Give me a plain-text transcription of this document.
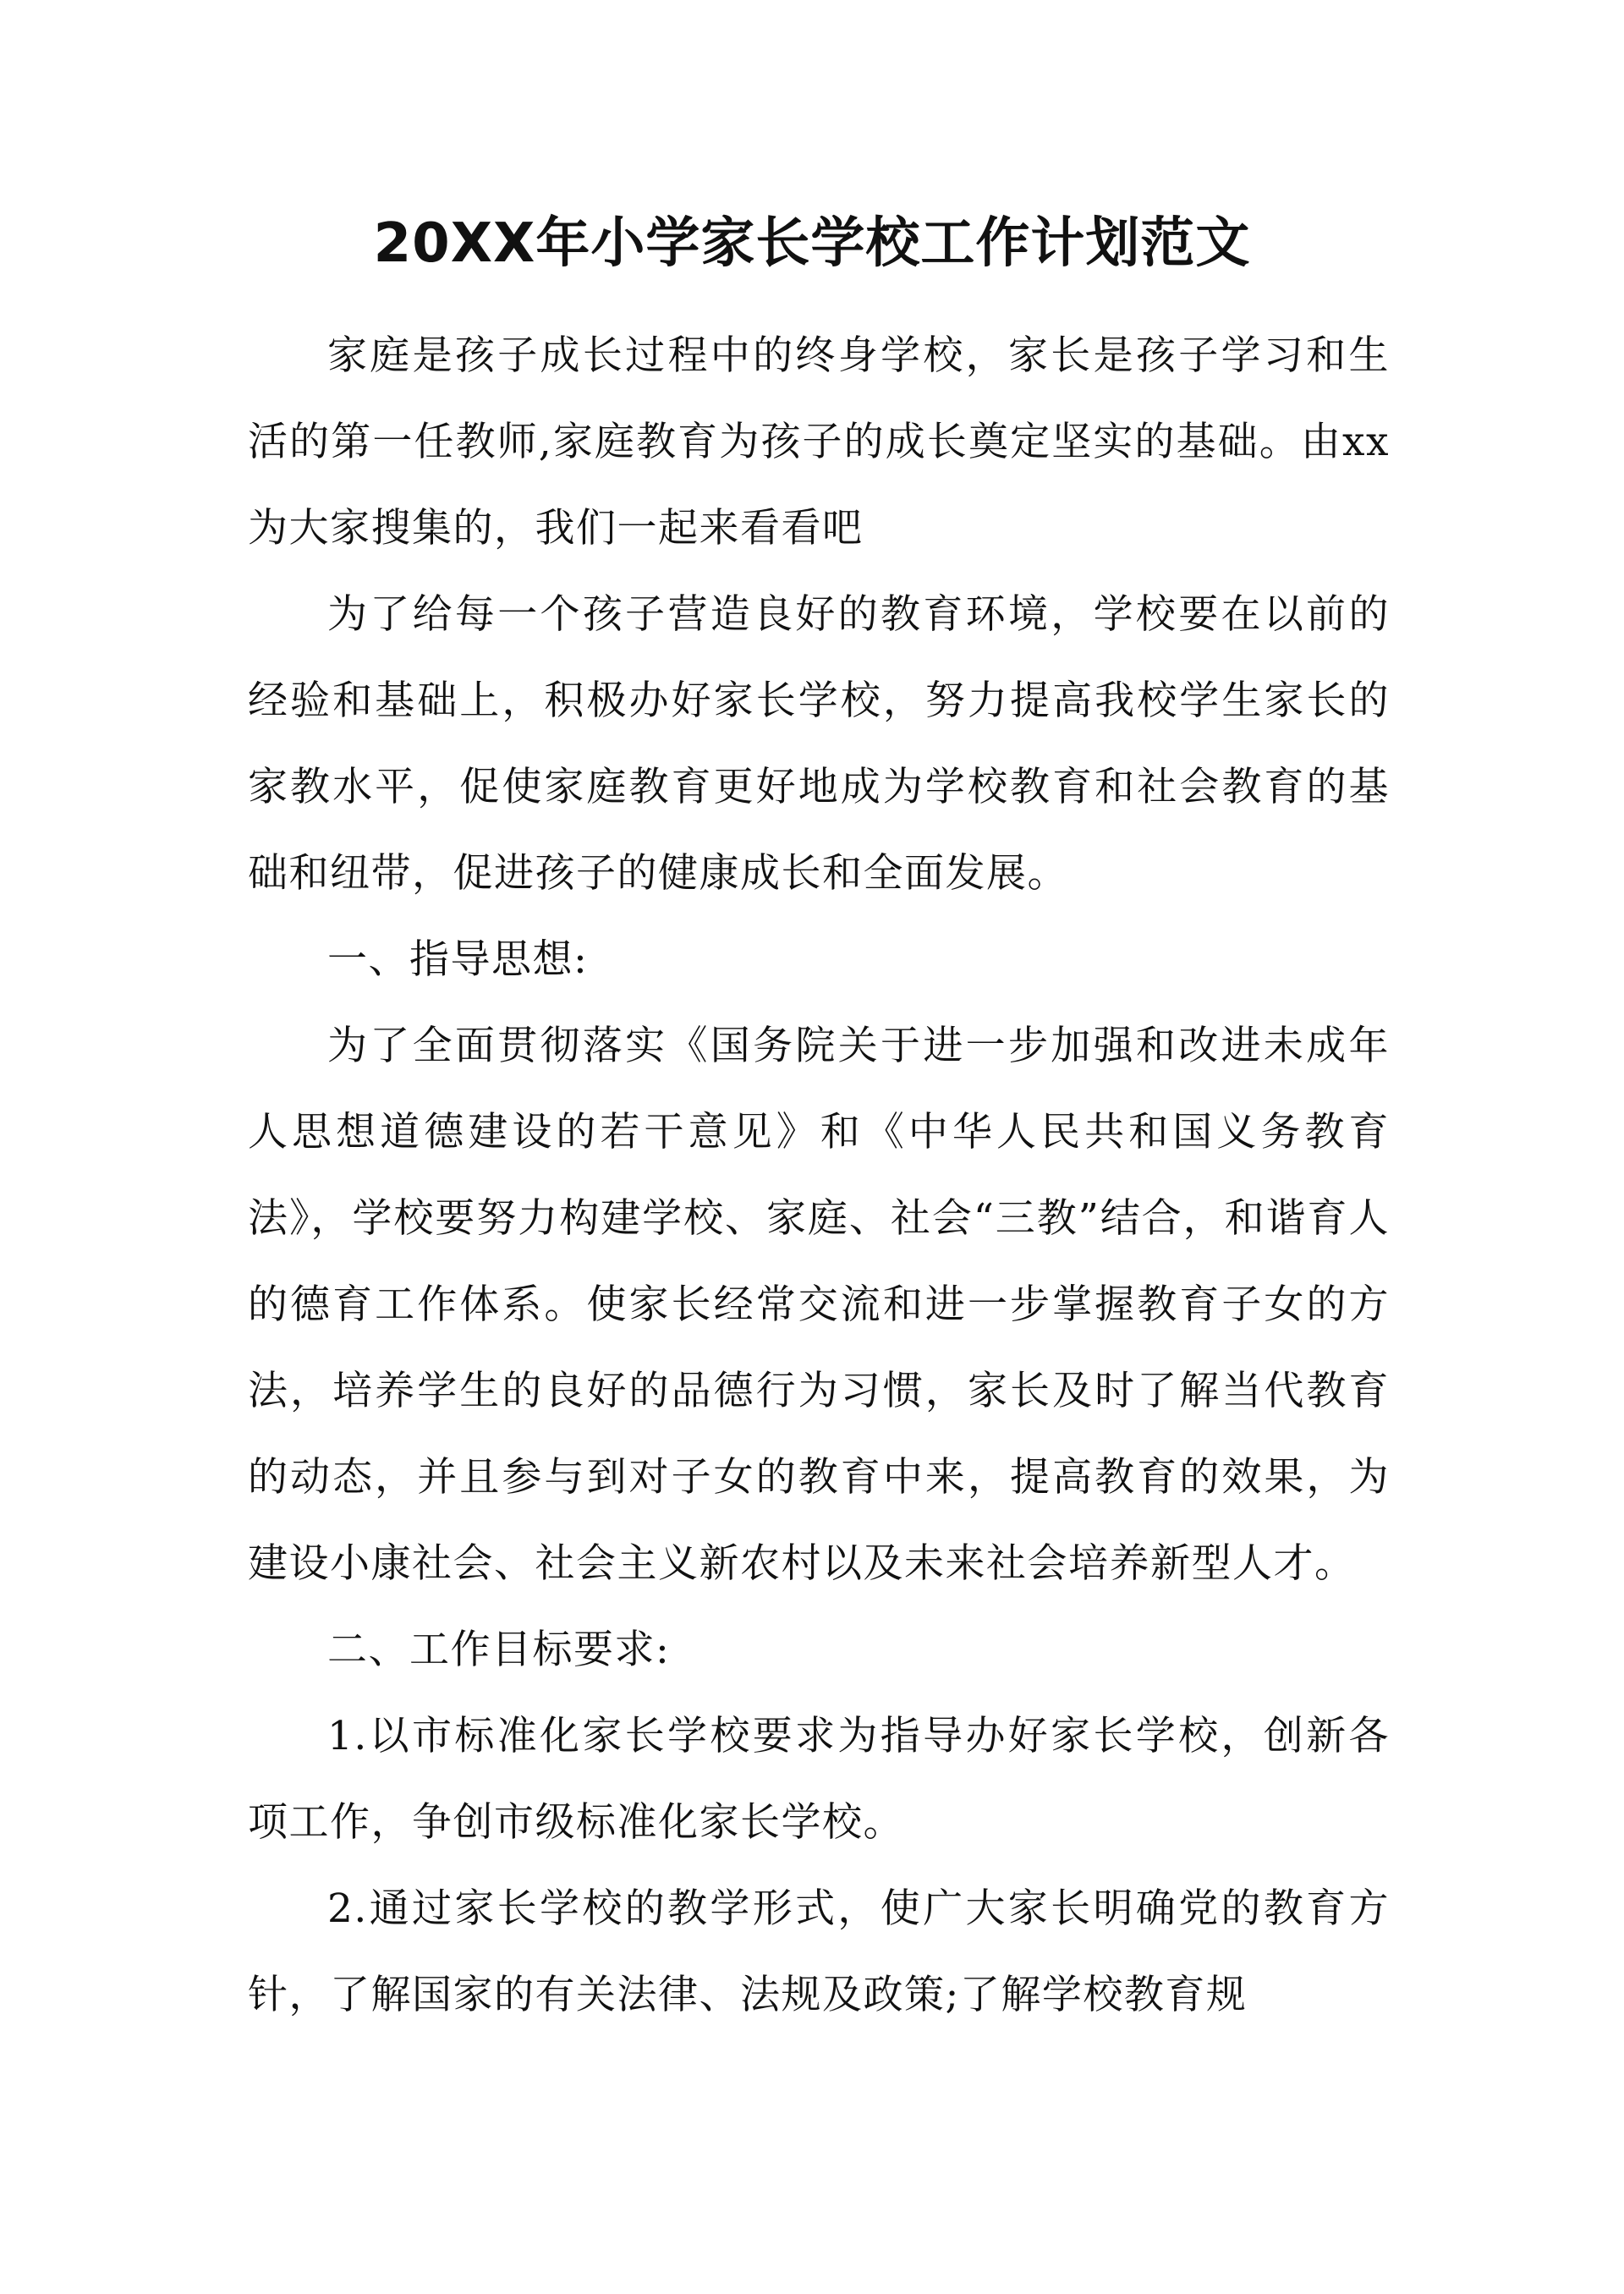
20XX年小学家长学校工作计划范文

家庭是孩子成长过程中的终身学校，家长是孩子学习和生活的第一任教师,家庭教育为孩子的成长奠定坚实的基础。由xx为大家搜集的，我们一起来看看吧

为了给每一个孩子营造良好的教育环境，学校要在以前的经验和基础上，积极办好家长学校，努力提高我校学生家长的家教水平，促使家庭教育更好地成为学校教育和社会教育的基础和纽带，促进孩子的健康成长和全面发展。

一、指导思想:

为了全面贯彻落实《国务院关于进一步加强和改进未成年人思想道德建设的若干意见》和《中华人民共和国义务教育法》，学校要努力构建学校、家庭、社会“三教”结合，和谐育人的德育工作体系。使家长经常交流和进一步掌握教育子女的方法，培养学生的良好的品德行为习惯，家长及时了解当代教育的动态，并且参与到对子女的教育中来，提高教育的效果，为建设小康社会、社会主义新农村以及未来社会培养新型人才。

二、工作目标要求:

1.以市标准化家长学校要求为指导办好家长学校，创新各项工作，争创市级标准化家长学校。

2.通过家长学校的教学形式，使广大家长明确党的教育方针，了解国家的有关法律、法规及政策;了解学校教育规
